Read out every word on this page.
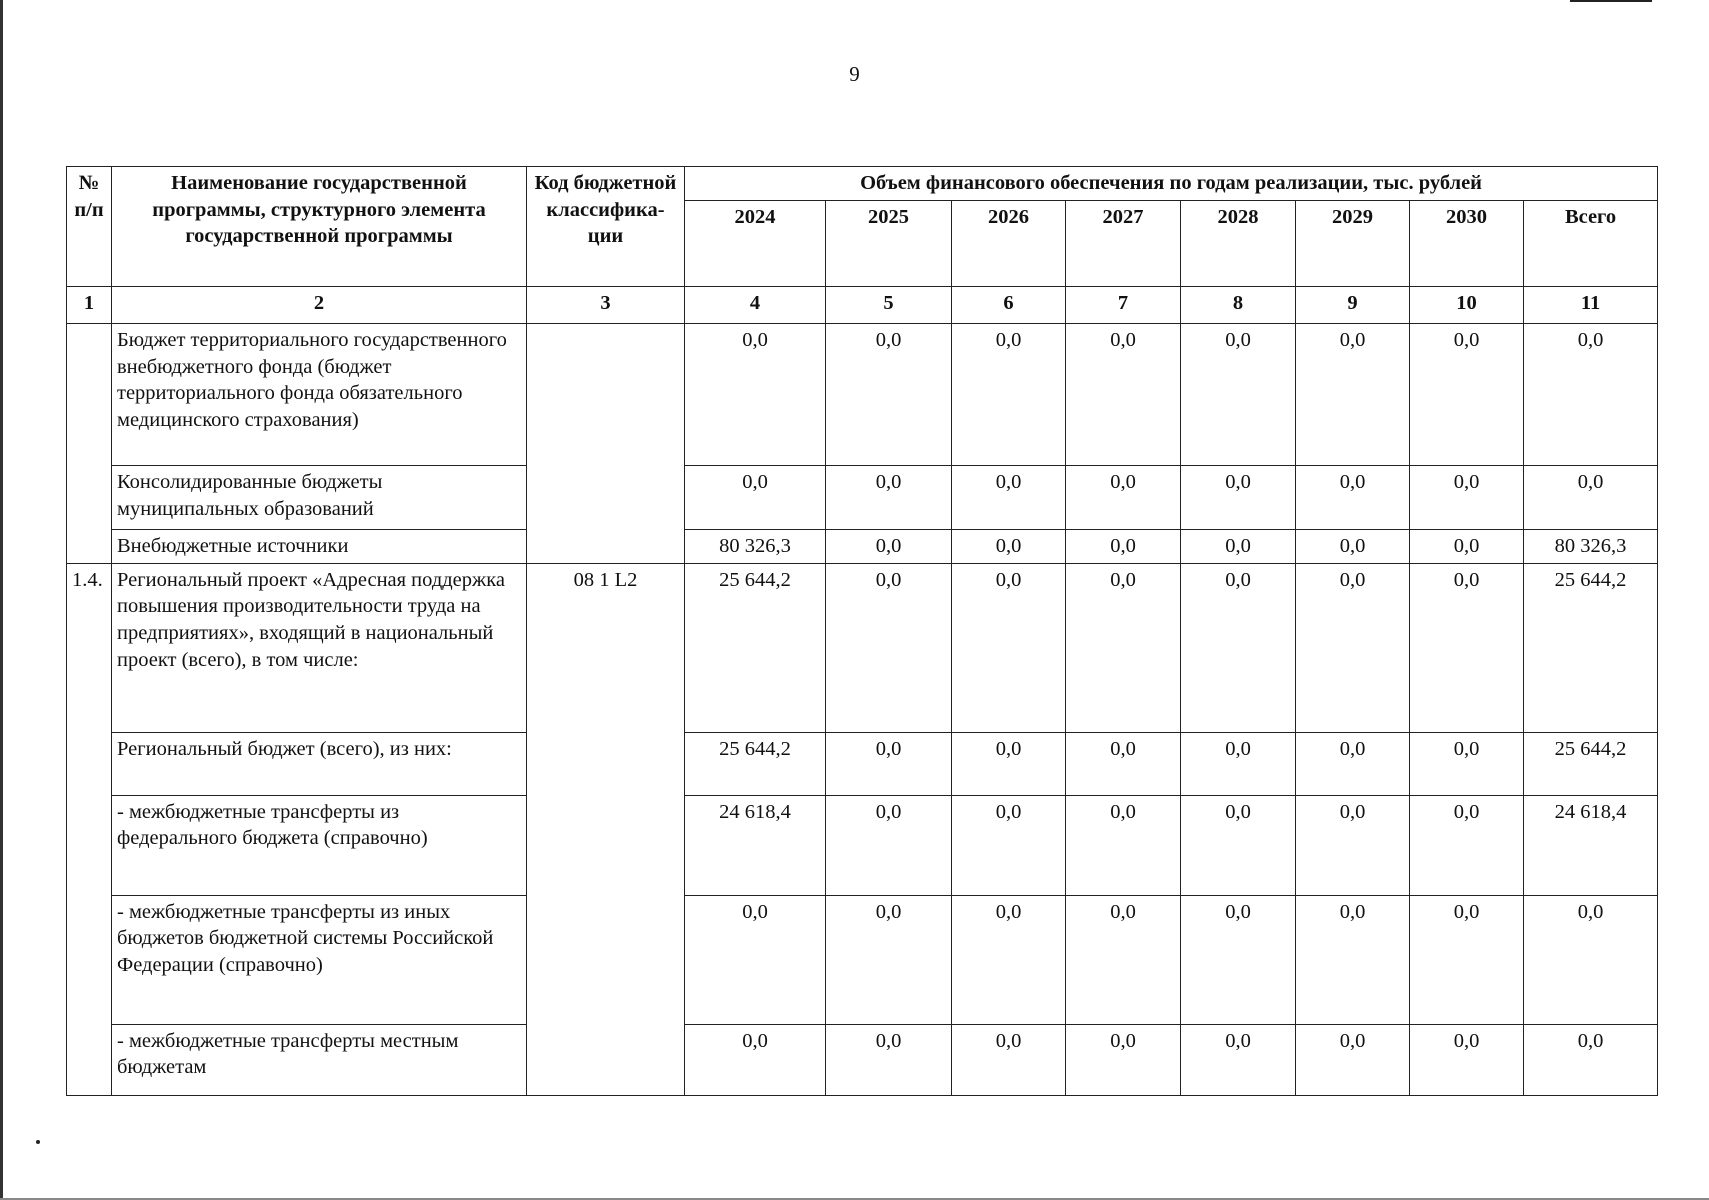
9
№ п/п	Наименование государственной программы, структурного элемента государственной программы	Код бюджетной классифика-ции	Объем финансового обеспечения по годам реализации, тыс. рублей							
			2024	2025	2026	2027	2028	2029	2030	Всего
1	2	3	4	5	6	7	8	9	10	11
	Бюджет территориального государственного внебюджетного фонда (бюджет территориального фонда обязательного медицинского страхования)		0,0	0,0	0,0	0,0	0,0	0,0	0,0	0,0
	Консолидированные бюджеты муниципальных образований		0,0	0,0	0,0	0,0	0,0	0,0	0,0	0,0
	Внебюджетные источники		80 326,3	0,0	0,0	0,0	0,0	0,0	0,0	80 326,3
1.4.	Региональный проект «Адресная поддержка повышения производительности труда на предприятиях», входящий в национальный проект (всего), в том числе:	08 1 L2	25 644,2	0,0	0,0	0,0	0,0	0,0	0,0	25 644,2
	Региональный бюджет (всего), из них:		25 644,2	0,0	0,0	0,0	0,0	0,0	0,0	25 644,2
	- межбюджетные трансферты из федерального бюджета (справочно)		24 618,4	0,0	0,0	0,0	0,0	0,0	0,0	24 618,4
	- межбюджетные трансферты из иных бюджетов бюджетной системы Российской Федерации (справочно)		0,0	0,0	0,0	0,0	0,0	0,0	0,0	0,0
	- межбюджетные трансферты местным бюджетам		0,0	0,0	0,0	0,0	0,0	0,0	0,0	0,0
